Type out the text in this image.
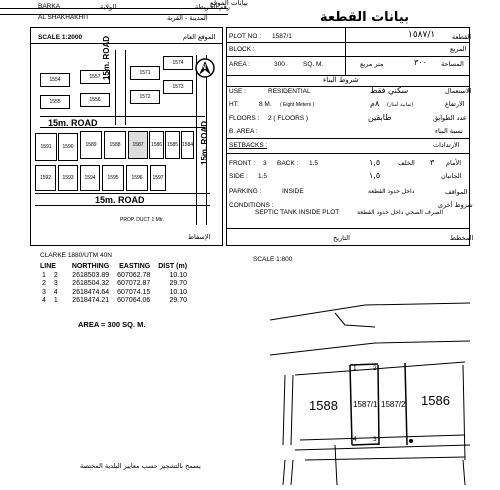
بيانات الموقع
BARKA	الولاية	رقم الخريطة
AL SHAKHAKHIT	المدينة - القرية	بيانات القطعة
SCALE 1:2000	الموقع العام
الإسقاط
15m. ROAD
15m. ROAD
15m. ROAD
15m. ROAD
PROP. DUCT 1 Mtr.
1574
1571
1557
1554
1573
1572
1556
1555
1589	1588
1591	1590	1587	1586 1585 1584
1597
1596
1595
1594
1593
1592
N
PLOT NO : 1587/1	١٥٨٧/١	القطعة
BLOCK :	المربع
AREA :	300	SQ. M.	متر مربع	٣٠٠ المساحة
شروط البناء
USE :	RESIDENTIAL	سكني فقط	الاستعمال
HT:	8 M. ( Eight Meters )	٨م (ثمانية أمتار)	الارتفاع
FLOORS : 2 ( FLOORS )	طابقين	عدد الطوابق
B. AREA :	نسبة البناء
SETBACKS :	الارتدادات
FRONT : 3 BACK : 1.5	١,٥	الخلف ٣ الأمام
SIDE : 1.5	١,٥	الجانبان
PARKING :	INSIDE	داخل حدود القطعة	المواقف
CONDITIONS :	شروط أخرى
SEPTIC TANK INSIDE PLOT	الصرف الصحي داخل حدود القطعة
التاريخ	المخطط
CLARKE 1880/UTM 40N
LINE		NORTHING	EASTING	DIST (m)
1	2	2618503.89	607062.78	10.10
2	3	2618504.32	607072.87	29.70
3	4	2618474.64	607074.15	10.10
4	1	2618474.21	607064.06	29.70
AREA = 300 SQ. M.
SCALE 1:800
1588 1587/1 1587/2 1586
1	2
4	3
يسمح بالتشجير حسب معايير البلدية المختصة
